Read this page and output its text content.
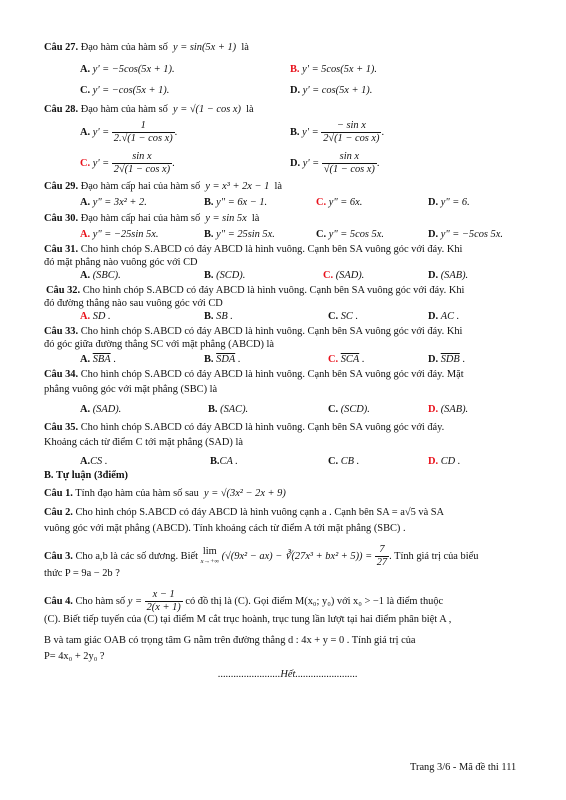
Câu 27. Đạo hàm của hàm số y = sin(5x + 1) là
A. y' = −5cos(5x + 1).	B. y' = 5cos(5x + 1).
C. y' = −cos(5x + 1).	D. y' = cos(5x + 1).
Câu 28. Đạo hàm của hàm số y = √(1 − cos x) là
A. $y' = \frac{1}{\text{2.√(1 − cos x)}}$ .	B. $y' = \frac{\text{− sin x}}{\text{2√(1 − cos x)}}$ .
C. $y' = \frac{\text{sin x}}{\text{2√(1 − cos x)}}$ .	D. $y' = \frac{\text{sin x}}{\text{√(1 − cos x)}}$ .
Câu 29. Đạo hàm cấp hai của hàm số y = x³ + 2x − 1 là
A. y" = 3x² + 2.	B. y" = 6x − 1.	C. y" = 6x.	D. y" = 6.
Câu 30. Đạo hàm cấp hai của hàm số y = sin 5x là
A. y" = −25sin 5x.	B. y" = 25sin 5x.	C. y" = 5cos 5x.	D. y" = −5cos 5x.
Câu 31. Cho hình chóp S.ABCD có đáy ABCD là hình vuông. Cạnh bên SA vuông góc với đáy. Khi
đó mặt phẳng nào vuông góc với CD
A. (SBC).	B. (SCD).	C. (SAD).	D. (SAB).
Câu 32. Cho hình chóp S.ABCD có đáy ABCD là hình vuông. Cạnh bên SA vuông góc với đáy. Khi
đó đường thẳng nào sau vuông góc với CD
A. SD .	B. SB .	C. SC .	D. AC .
Câu 33. Cho hình chóp S.ABCD có đáy ABCD là hình vuông. Cạnh bên SA vuông góc với đáy. Khi
đó góc giữa đường thẳng SC với mặt phẳng (ABCD) là
A. $\overline{SBA}$ .	B. $\overline{SDA}$ .	C. $\overline{SCA}$ .	D. $\overline{SDB}$ .
Câu 34. Cho hình chóp S.ABCD có đáy ABCD là hình vuông. Cạnh bên SA vuông góc với đáy. Mặt
phẳng vuông góc với mặt phẳng (SBC) là
A. (SAD).	B. (SAC).	C. (SCD).	D. (SAB).
Câu 35. Cho hình chóp S.ABCD có đáy ABCD là hình vuông. Cạnh bên SA vuông góc với đáy.
Khoảng cách từ điểm C tới mặt phẳng (SAD) là
A.CS .	B.CA .	C. CB .	D. CD .
B. Tự luận (3điểm)
Câu 1. Tính đạo hàm của hàm số sau y = √(3x² − 2x + 9)
Câu 2. Cho hình chóp S.ABCD có đáy ABCD là hình vuông cạnh a . Cạnh bên SA = a√5 và SA
vuông góc với mặt phẳng (ABCD). Tính khoảng cách từ điểm A tới mặt phẳng (SBC) .
Câu 3. Cho a,b là các số dương. Biết lim
x→+∞ (√(9x² − ax) − ∛(27x³ + $bx^2 + 5)) = \frac{7}{27}$ . Tính giá trị của biểu
thức P = 9a − 2b ?
Câu 4. Cho hàm số $y = \frac{x - 1}{2(x + 1)}$ có đồ thị là (C). Gọi điểm M(x₀; y₀) với x₀ > −1 là điểm thuộc
(C). Biết tiếp tuyến của (C) tại điểm M cắt trục hoành, trục tung lần lượt tại hai điểm phân biệt A ,
B và tam giác OAB có trọng tâm G nằm trên đường thẳng d : 4x + y = 0 . Tính giá trị của
P= 4x₀ + 2y₀ ?
........................Hết........................
Trang 3/6 - Mã đề thi 111
